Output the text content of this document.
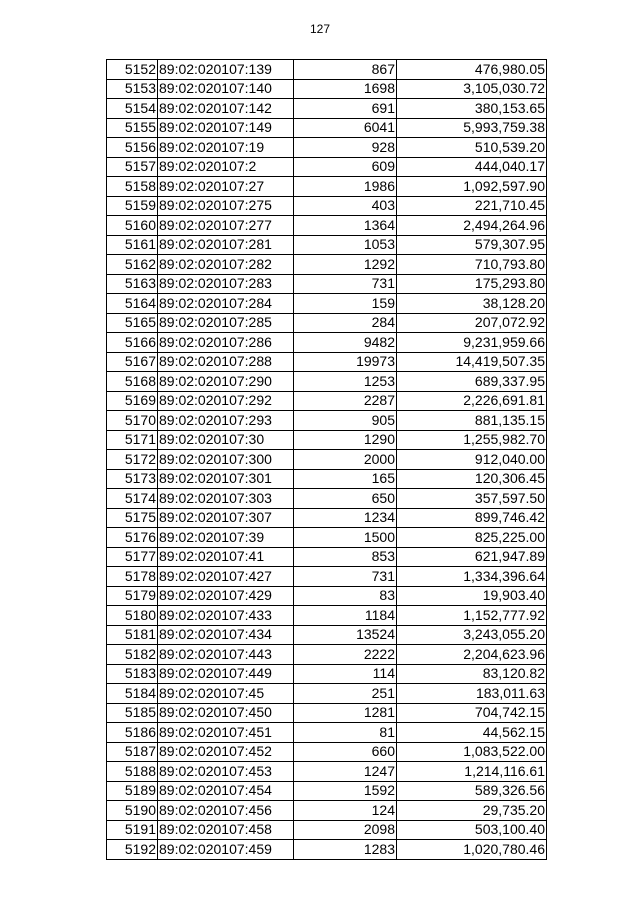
127
5152	89:02:020107:139	867	476,980.05
5153	89:02:020107:140	1698	3,105,030.72
5154	89:02:020107:142	691	380,153.65
5155	89:02:020107:149	6041	5,993,759.38
5156	89:02:020107:19	928	510,539.20
5157	89:02:020107:2	609	444,040.17
5158	89:02:020107:27	1986	1,092,597.90
5159	89:02:020107:275	403	221,710.45
5160	89:02:020107:277	1364	2,494,264.96
5161	89:02:020107:281	1053	579,307.95
5162	89:02:020107:282	1292	710,793.80
5163	89:02:020107:283	731	175,293.80
5164	89:02:020107:284	159	38,128.20
5165	89:02:020107:285	284	207,072.92
5166	89:02:020107:286	9482	9,231,959.66
5167	89:02:020107:288	19973	14,419,507.35
5168	89:02:020107:290	1253	689,337.95
5169	89:02:020107:292	2287	2,226,691.81
5170	89:02:020107:293	905	881,135.15
5171	89:02:020107:30	1290	1,255,982.70
5172	89:02:020107:300	2000	912,040.00
5173	89:02:020107:301	165	120,306.45
5174	89:02:020107:303	650	357,597.50
5175	89:02:020107:307	1234	899,746.42
5176	89:02:020107:39	1500	825,225.00
5177	89:02:020107:41	853	621,947.89
5178	89:02:020107:427	731	1,334,396.64
5179	89:02:020107:429	83	19,903.40
5180	89:02:020107:433	1184	1,152,777.92
5181	89:02:020107:434	13524	3,243,055.20
5182	89:02:020107:443	2222	2,204,623.96
5183	89:02:020107:449	114	83,120.82
5184	89:02:020107:45	251	183,011.63
5185	89:02:020107:450	1281	704,742.15
5186	89:02:020107:451	81	44,562.15
5187	89:02:020107:452	660	1,083,522.00
5188	89:02:020107:453	1247	1,214,116.61
5189	89:02:020107:454	1592	589,326.56
5190	89:02:020107:456	124	29,735.20
5191	89:02:020107:458	2098	503,100.40
5192	89:02:020107:459	1283	1,020,780.46
